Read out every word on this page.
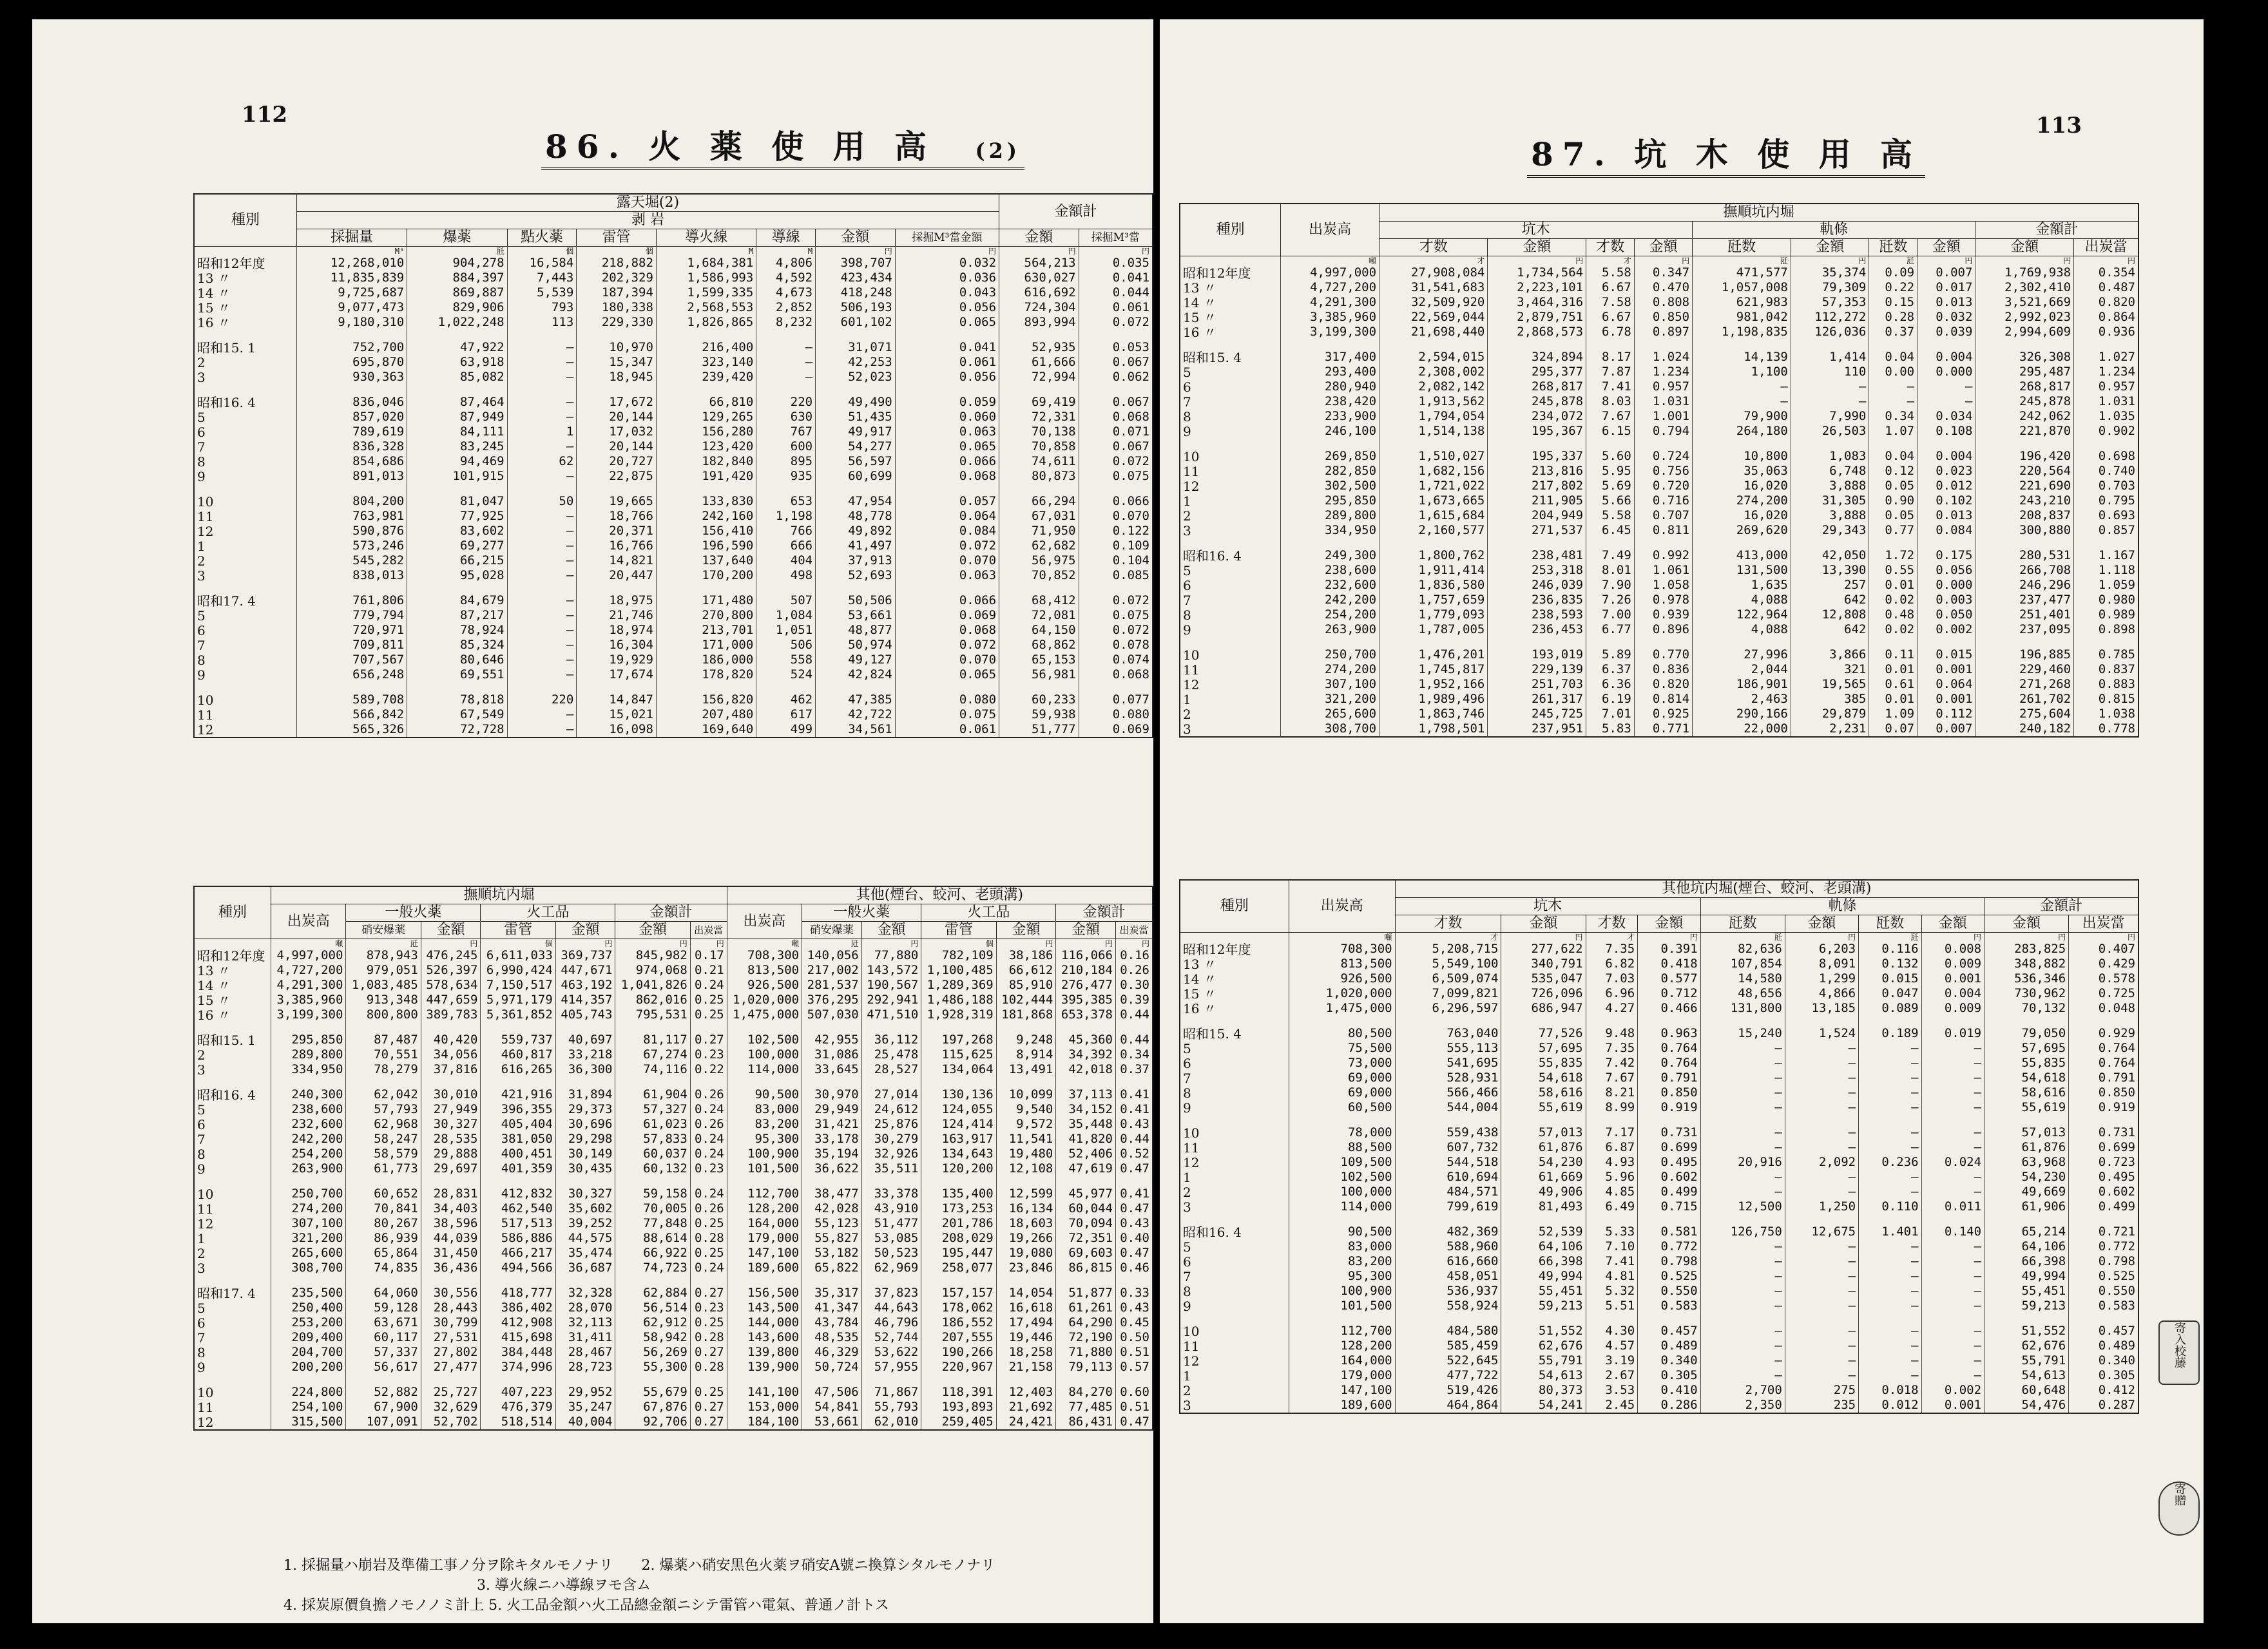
112
86. 火 薬 使 用 高 (2)
種別	露天堀(2)								金額計	
	剥 岩									
	採掘量	爆薬	點火薬	雷管	導火線	導線	金額	採掘M³當金額	金額	採掘M³當
	M³	瓩	個	個	M	M	円	円	円	円
昭和12年度	12,268,010	904,278	16,584	218,882	1,684,381	4,806	398,707	0.032	564,213	0.035
13 〃	11,835,839	884,397	7,443	202,329	1,586,993	4,592	423,434	0.036	630,027	0.041
14 〃	9,725,687	869,887	5,539	187,394	1,599,335	4,673	418,248	0.043	616,692	0.044
15 〃	9,077,473	829,906	793	180,338	2,568,553	2,852	506,193	0.056	724,304	0.061
16 〃	9,180,310	1,022,248	113	229,330	1,826,865	8,232	601,102	0.065	893,994	0.072

昭和15. 1	752,700	47,922	—	10,970	216,400	—	31,071	0.041	52,935	0.053
2	695,870	63,918	—	15,347	323,140	—	42,253	0.061	61,666	0.067
3	930,363	85,082	—	18,945	239,420	—	52,023	0.056	72,994	0.062

昭和16. 4	836,046	87,464	—	17,672	66,810	220	49,490	0.059	69,419	0.067
5	857,020	87,949	—	20,144	129,265	630	51,435	0.060	72,331	0.068
6	789,619	84,111	1	17,032	156,280	767	49,917	0.063	70,138	0.071
7	836,328	83,245	—	20,144	123,420	600	54,277	0.065	70,858	0.067
8	854,686	94,469	62	20,727	182,840	895	56,597	0.066	74,611	0.072
9	891,013	101,915	—	22,875	191,420	935	60,699	0.068	80,873	0.075

10	804,200	81,047	50	19,665	133,830	653	47,954	0.057	66,294	0.066
11	763,981	77,925	—	18,766	242,160	1,198	48,778	0.064	67,031	0.070
12	590,876	83,602	—	20,371	156,410	766	49,892	0.084	71,950	0.122
1	573,246	69,277	—	16,766	196,590	666	41,497	0.072	62,682	0.109
2	545,282	66,215	—	14,821	137,640	404	37,913	0.070	56,975	0.104
3	838,013	95,028	—	20,447	170,200	498	52,693	0.063	70,852	0.085

昭和17. 4	761,806	84,679	—	18,975	171,480	507	50,506	0.066	68,412	0.072
5	779,794	87,217	—	21,746	270,800	1,084	53,661	0.069	72,081	0.075
6	720,971	78,924	—	18,974	213,701	1,051	48,877	0.068	64,150	0.072
7	709,811	85,324	—	16,304	171,000	506	50,974	0.072	68,862	0.078
8	707,567	80,646	—	19,929	186,000	558	49,127	0.070	65,153	0.074
9	656,248	69,551	—	17,674	178,820	524	42,824	0.065	56,981	0.068

10	589,708	78,818	220	14,847	156,820	462	47,385	0.080	60,233	0.077
11	566,842	67,549	—	15,021	207,480	617	42,722	0.075	59,938	0.080
12	565,326	72,728	—	16,098	169,640	499	34,561	0.061	51,777	0.069
種別	撫順坑内堀							其他(煙台、蛟河、老頭溝)						
	出炭高	一般火薬		火工品		金額計		出炭高	一般火薬		火工品		金額計	
		硝安爆薬	金額	雷管	金額	金額	出炭當		硝安爆薬	金額	雷管	金額	金額	出炭當
	噸	瓩	円	個	円	円	円	噸	瓩	円	個	円	円	円
昭和12年度	4,997,000	878,943	476,245	6,611,033	369,737	845,982	0.17	708,300	140,056	77,880	782,109	38,186	116,066	0.16
13 〃	4,727,200	979,051	526,397	6,990,424	447,671	974,068	0.21	813,500	217,002	143,572	1,100,485	66,612	210,184	0.26
14 〃	4,291,300	1,083,485	578,634	7,150,517	463,192	1,041,826	0.24	926,500	281,537	190,567	1,289,369	85,910	276,477	0.30
15 〃	3,385,960	913,348	447,659	5,971,179	414,357	862,016	0.25	1,020,000	376,295	292,941	1,486,188	102,444	395,385	0.39
16 〃	3,199,300	800,800	389,783	5,361,852	405,743	795,531	0.25	1,475,000	507,030	471,510	1,928,319	181,868	653,378	0.44

昭和15. 1	295,850	87,487	40,420	559,737	40,697	81,117	0.27	102,500	42,955	36,112	197,268	9,248	45,360	0.44
2	289,800	70,551	34,056	460,817	33,218	67,274	0.23	100,000	31,086	25,478	115,625	8,914	34,392	0.34
3	334,950	78,279	37,816	616,265	36,300	74,116	0.22	114,000	33,645	28,527	134,064	13,491	42,018	0.37

昭和16. 4	240,300	62,042	30,010	421,916	31,894	61,904	0.26	90,500	30,970	27,014	130,136	10,099	37,113	0.41
5	238,600	57,793	27,949	396,355	29,373	57,327	0.24	83,000	29,949	24,612	124,055	9,540	34,152	0.41
6	232,600	62,968	30,327	405,404	30,696	61,023	0.26	83,200	31,421	25,876	124,414	9,572	35,448	0.43
7	242,200	58,247	28,535	381,050	29,298	57,833	0.24	95,300	33,178	30,279	163,917	11,541	41,820	0.44
8	254,200	58,579	29,888	400,451	30,149	60,037	0.24	100,900	35,194	32,926	134,643	19,480	52,406	0.52
9	263,900	61,773	29,697	401,359	30,435	60,132	0.23	101,500	36,622	35,511	120,200	12,108	47,619	0.47

10	250,700	60,652	28,831	412,832	30,327	59,158	0.24	112,700	38,477	33,378	135,400	12,599	45,977	0.41
11	274,200	70,841	34,403	462,540	35,602	70,005	0.26	128,200	42,028	43,910	173,253	16,134	60,044	0.47
12	307,100	80,267	38,596	517,513	39,252	77,848	0.25	164,000	55,123	51,477	201,786	18,603	70,094	0.43
1	321,200	86,939	44,039	586,886	44,575	88,614	0.28	179,000	55,827	53,085	208,029	19,266	72,351	0.40
2	265,600	65,864	31,450	466,217	35,474	66,922	0.25	147,100	53,182	50,523	195,447	19,080	69,603	0.47
3	308,700	74,835	36,436	494,566	36,687	74,723	0.24	189,600	65,822	62,969	258,077	23,846	86,815	0.46

昭和17. 4	235,500	64,060	30,556	418,777	32,328	62,884	0.27	156,500	35,317	37,823	157,157	14,054	51,877	0.33
5	250,400	59,128	28,443	386,402	28,070	56,514	0.23	143,500	41,347	44,643	178,062	16,618	61,261	0.43
6	253,200	63,671	30,799	412,908	32,113	62,912	0.25	144,000	43,784	46,796	186,552	17,494	64,290	0.45
7	209,400	60,117	27,531	415,698	31,411	58,942	0.28	143,600	48,535	52,744	207,555	19,446	72,190	0.50
8	204,700	57,337	27,802	384,448	28,467	56,269	0.27	139,800	46,329	53,622	190,266	18,258	71,880	0.51
9	200,200	56,617	27,477	374,996	28,723	55,300	0.28	139,900	50,724	57,955	220,967	21,158	79,113	0.57

10	224,800	52,882	25,727	407,223	29,952	55,679	0.25	141,100	47,506	71,867	118,391	12,403	84,270	0.60
11	254,100	67,900	32,629	476,379	35,247	67,876	0.27	153,000	54,841	55,793	193,893	21,692	77,485	0.51
12	315,500	107,091	52,702	518,514	40,004	92,706	0.27	184,100	53,661	62,010	259,405	24,421	86,431	0.47
1. 採掘量ハ崩岩及準備工事ノ分ヲ除キタルモノナリ　　2. 爆薬ハ硝安黒色火薬ヲ硝安A號ニ換算シタルモノナリ
3. 導火線ニハ導線ヲモ含ム
4. 採炭原價負擔ノモノノミ計上 5. 火工品金額ハ火工品總金額ニシテ雷管ハ電氣、普通ノ計トス
87. 坑 木 使 用 高
113
種別	出炭高	撫順坑内堀									
		坑木				軌條				金額計	
		才数	金額	才数	金額	瓩数	金額	瓩数	金額	金額	出炭當
	噸	才	円	才	円	瓩	円	瓩	円	円	円
昭和12年度	4,997,000	27,908,084	1,734,564	5.58	0.347	471,577	35,374	0.09	0.007	1,769,938	0.354
13 〃	4,727,200	31,541,683	2,223,101	6.67	0.470	1,057,008	79,309	0.22	0.017	2,302,410	0.487
14 〃	4,291,300	32,509,920	3,464,316	7.58	0.808	621,983	57,353	0.15	0.013	3,521,669	0.820
15 〃	3,385,960	22,569,044	2,879,751	6.67	0.850	981,042	112,272	0.28	0.032	2,992,023	0.864
16 〃	3,199,300	21,698,440	2,868,573	6.78	0.897	1,198,835	126,036	0.37	0.039	2,994,609	0.936

昭和15. 4	317,400	2,594,015	324,894	8.17	1.024	14,139	1,414	0.04	0.004	326,308	1.027
5	293,400	2,308,002	295,377	7.87	1.234	1,100	110	0.00	0.000	295,487	1.234
6	280,940	2,082,142	268,817	7.41	0.957	—	—	—	—	268,817	0.957
7	238,420	1,913,562	245,878	8.03	1.031	—	—	—	—	245,878	1.031
8	233,900	1,794,054	234,072	7.67	1.001	79,900	7,990	0.34	0.034	242,062	1.035
9	246,100	1,514,138	195,367	6.15	0.794	264,180	26,503	1.07	0.108	221,870	0.902

10	269,850	1,510,027	195,337	5.60	0.724	10,800	1,083	0.04	0.004	196,420	0.698
11	282,850	1,682,156	213,816	5.95	0.756	35,063	6,748	0.12	0.023	220,564	0.740
12	302,500	1,721,022	217,802	5.69	0.720	16,020	3,888	0.05	0.012	221,690	0.703
1	295,850	1,673,665	211,905	5.66	0.716	274,200	31,305	0.90	0.102	243,210	0.795
2	289,800	1,615,684	204,949	5.58	0.707	16,020	3,888	0.05	0.013	208,837	0.693
3	334,950	2,160,577	271,537	6.45	0.811	269,620	29,343	0.77	0.084	300,880	0.857

昭和16. 4	249,300	1,800,762	238,481	7.49	0.992	413,000	42,050	1.72	0.175	280,531	1.167
5	238,600	1,911,414	253,318	8.01	1.061	131,500	13,390	0.55	0.056	266,708	1.118
6	232,600	1,836,580	246,039	7.90	1.058	1,635	257	0.01	0.000	246,296	1.059
7	242,200	1,757,659	236,835	7.26	0.978	4,088	642	0.02	0.003	237,477	0.980
8	254,200	1,779,093	238,593	7.00	0.939	122,964	12,808	0.48	0.050	251,401	0.989
9	263,900	1,787,005	236,453	6.77	0.896	4,088	642	0.02	0.002	237,095	0.898

10	250,700	1,476,201	193,019	5.89	0.770	27,996	3,866	0.11	0.015	196,885	0.785
11	274,200	1,745,817	229,139	6.37	0.836	2,044	321	0.01	0.001	229,460	0.837
12	307,100	1,952,166	251,703	6.36	0.820	186,901	19,565	0.61	0.064	271,268	0.883
1	321,200	1,989,496	261,317	6.19	0.814	2,463	385	0.01	0.001	261,702	0.815
2	265,600	1,863,746	245,725	7.01	0.925	290,166	29,879	1.09	0.112	275,604	1.038
3	308,700	1,798,501	237,951	5.83	0.771	22,000	2,231	0.07	0.007	240,182	0.778
種別	出炭高	其他坑内堀(煙台、蛟河、老頭溝)									
		坑木				軌條				金額計	
		才数	金額	才数	金額	瓩数	金額	瓩数	金額	金額	出炭當
	噸	才	円	才	円	瓩	円	瓩	円	円	円
昭和12年度	708,300	5,208,715	277,622	7.35	0.391	82,636	6,203	0.116	0.008	283,825	0.407
13 〃	813,500	5,549,100	340,791	6.82	0.418	107,854	8,091	0.132	0.009	348,882	0.429
14 〃	926,500	6,509,074	535,047	7.03	0.577	14,580	1,299	0.015	0.001	536,346	0.578
15 〃	1,020,000	7,099,821	726,096	6.96	0.712	48,656	4,866	0.047	0.004	730,962	0.725
16 〃	1,475,000	6,296,597	686,947	4.27	0.466	131,800	13,185	0.089	0.009	70,132	0.048

昭和15. 4	80,500	763,040	77,526	9.48	0.963	15,240	1,524	0.189	0.019	79,050	0.929
5	75,500	555,113	57,695	7.35	0.764	—	—	—	—	57,695	0.764
6	73,000	541,695	55,835	7.42	0.764	—	—	—	—	55,835	0.764
7	69,000	528,931	54,618	7.67	0.791	—	—	—	—	54,618	0.791
8	69,000	566,466	58,616	8.21	0.850	—	—	—	—	58,616	0.850
9	60,500	544,004	55,619	8.99	0.919	—	—	—	—	55,619	0.919

10	78,000	559,438	57,013	7.17	0.731	—	—	—	—	57,013	0.731
11	88,500	607,732	61,876	6.87	0.699	—	—	—	—	61,876	0.699
12	109,500	544,518	54,230	4.93	0.495	20,916	2,092	0.236	0.024	63,968	0.723
1	102,500	610,694	61,669	5.96	0.602	—	—	—	—	54,230	0.495
2	100,000	484,571	49,906	4.85	0.499	—	—	—	—	49,669	0.602
3	114,000	799,619	81,493	6.49	0.715	12,500	1,250	0.110	0.011	61,906	0.499

昭和16. 4	90,500	482,369	52,539	5.33	0.581	126,750	12,675	1.401	0.140	65,214	0.721
5	83,000	588,960	64,106	7.10	0.772	—	—	—	—	64,106	0.772
6	83,200	616,660	66,398	7.41	0.798	—	—	—	—	66,398	0.798
7	95,300	458,051	49,994	4.81	0.525	—	—	—	—	49,994	0.525
8	100,900	536,937	55,451	5.32	0.550	—	—	—	—	55,451	0.550
9	101,500	558,924	59,213	5.51	0.583	—	—	—	—	59,213	0.583

10	112,700	484,580	51,552	4.30	0.457	—	—	—	—	51,552	0.457
11	128,200	585,459	62,676	4.57	0.489	—	—	—	—	62,676	0.489
12	164,000	522,645	55,791	3.19	0.340	—	—	—	—	55,791	0.340
1	179,000	477,722	54,613	2.67	0.305	—	—	—	—	54,613	0.305
2	147,100	519,426	80,373	3.53	0.410	2,700	275	0.018	0.002	60,648	0.412
3	189,600	464,864	54,241	2.45	0.286	2,350	235	0.012	0.001	54,476	0.287
寄入校藤
寄贈
